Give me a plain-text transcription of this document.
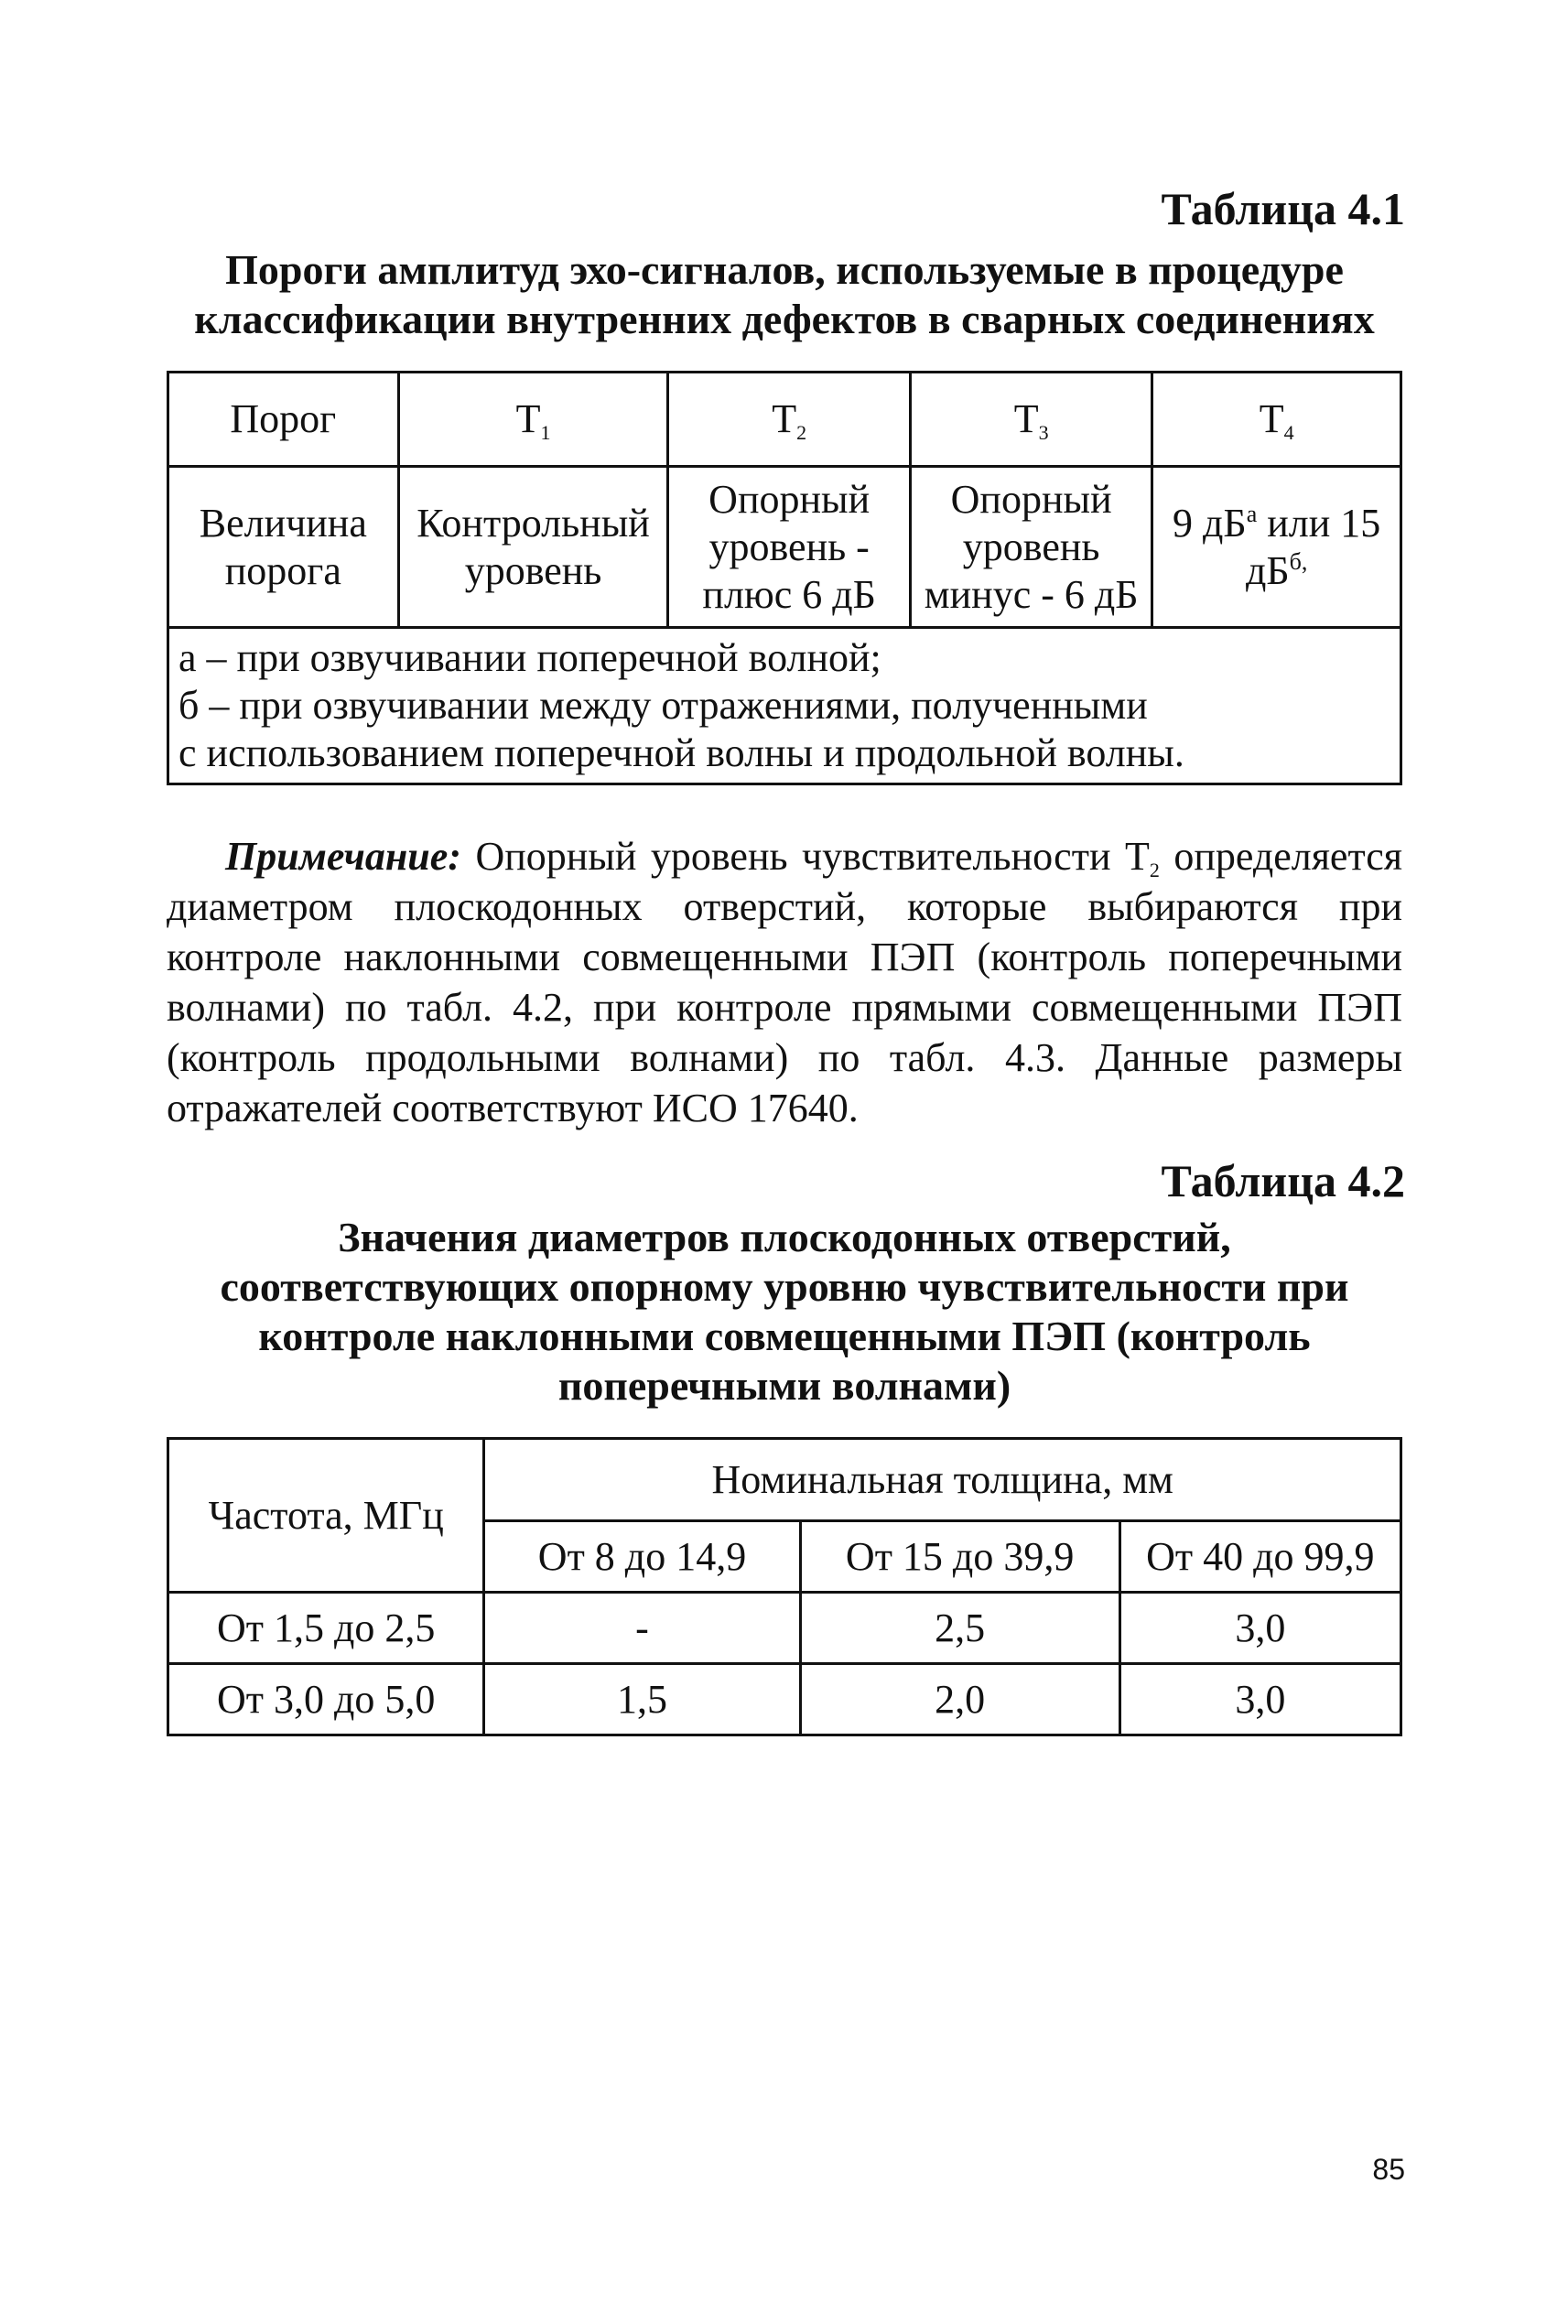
Таблица 4.1
Пороги амплитуд эхо-сигналов, используемые в процедуре классификации внутренних дефектов в сварных соединениях
Порог	$T_1$	$T_2$	$T_3$	$T_4$
Величина порога	Контрольный уровень	Опорный уровень - плюс 6 дБ	Опорный уровень минус - 6 дБ	9 $дБ^а$ или 15 $дБ^{б,}$

а – при озвучивании поперечной волной;
б – при озвучивании между отражениями, полученными
с использованием поперечной волны и продольной волны.				
Примечание: Опорный уровень чувствительности $T_2$ определяется диаметром плоскодонных отверстий, которые выбираются при контроле наклонными совмещенными ПЭП (контроль поперечными волнами) по табл. 4.2, при контроле прямыми совмещенными ПЭП (контроль продольными волнами) по табл. 4.3. Данные размеры отражателей соответствуют ИСО 17640.
Таблица 4.2
Значения диаметров плоскодонных отверстий, соответствующих опорному уровню чувствительности при контроле наклонными совмещенными ПЭП (контроль поперечными волнами)
Частота, МГц	Номинальная толщина, мм		
	От 8 до 14,9	От 15 до 39,9	От 40 до 99,9
От 1,5 до 2,5	-	2,5	3,0
От 3,0 до 5,0	1,5	2,0	3,0
85
